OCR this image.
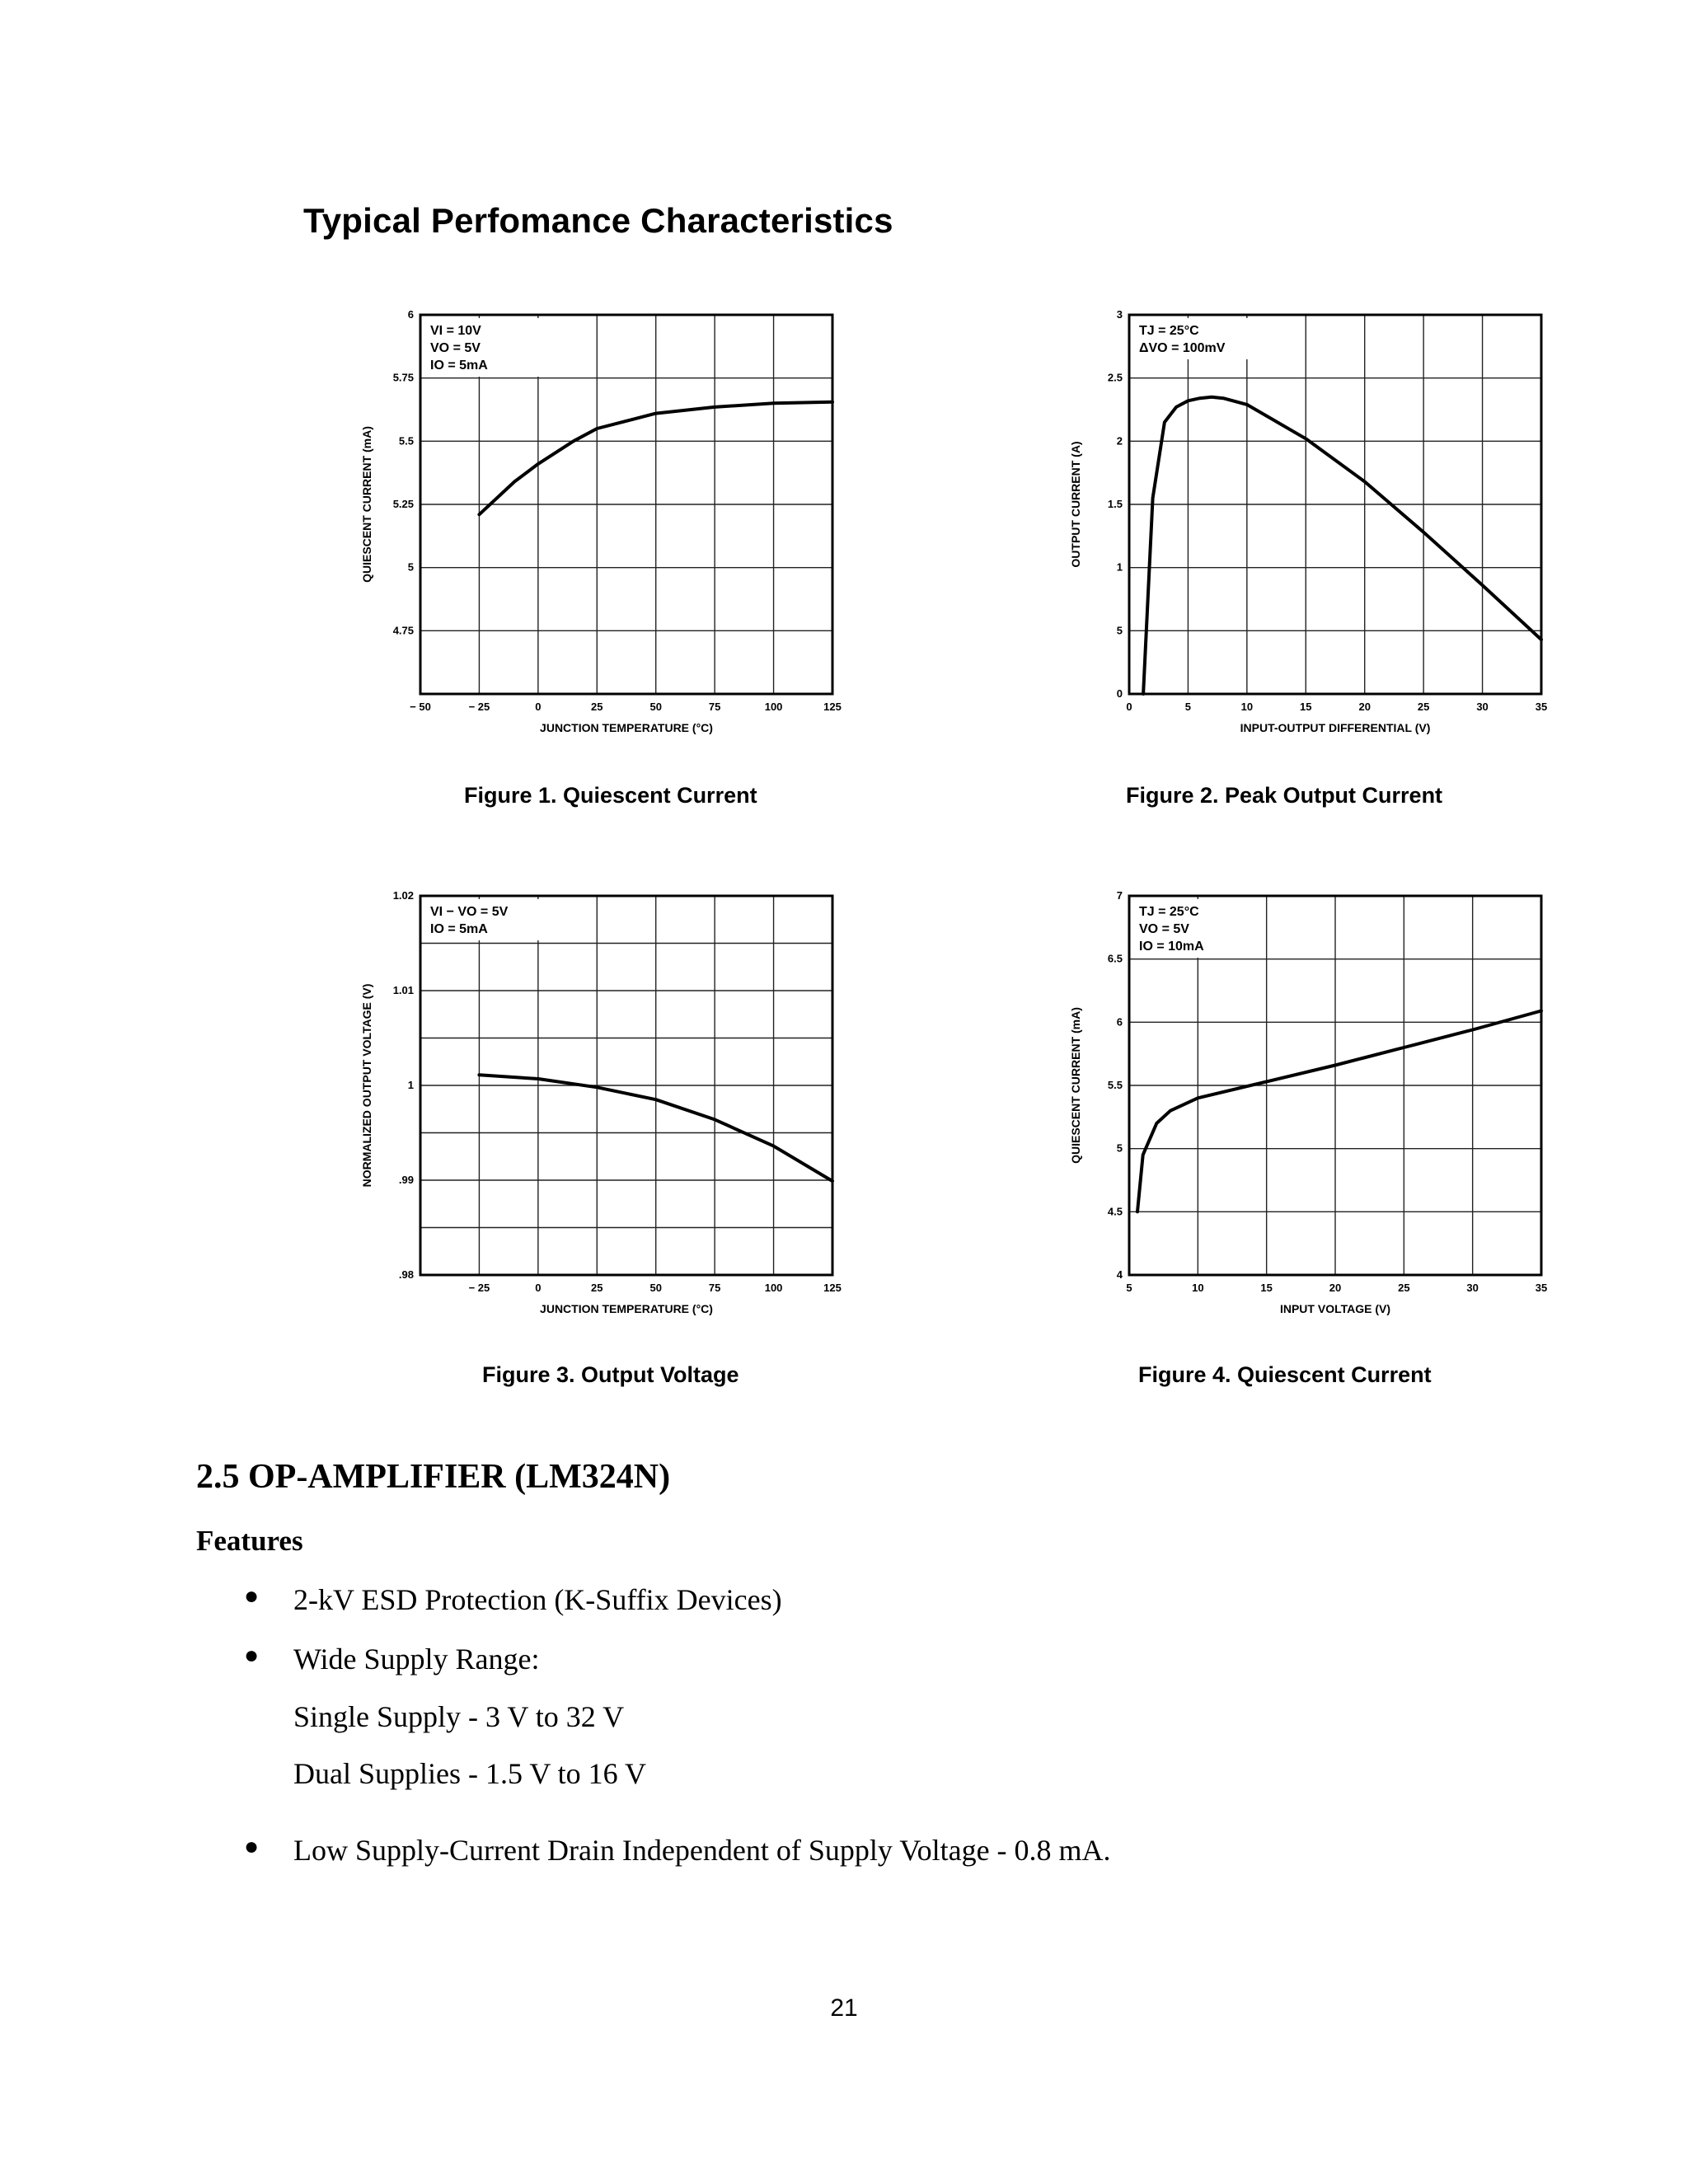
Typical Perfomance Characteristics
− 50	− 25	0	25	50	75	100	125
4.75
5
5.25
5.5
5.75
6
VI = 10V
VO = 5V
IO = 5mA
JUNCTION TEMPERATURE (°C)
QUIESCENT CURRENT (mA)
Figure 1. Quiescent Current
0	5	10	15	20	25	30	35
0
5
1
1.5
2
2.5
3
TJ = 25°C
ΔVO = 100mV
INPUT-OUTPUT DIFFERENTIAL (V)
OUTPUT CURRENT (A)
Figure 2. Peak Output Current
− 25	0	25	50	75	100	125
.98
.99
1
1.01
1.02
VI − VO = 5V
IO = 5mA
JUNCTION TEMPERATURE (°C)
NORMALIZED OUTPUT VOLTAGE (V)
Figure 3. Output Voltage
5	10	15	20	25	30	35
4
4.5
5
5.5
6
6.5
7
TJ = 25°C
VO = 5V
IO = 10mA
INPUT VOLTAGE (V)
QUIESCENT CURRENT (mA)
Figure 4. Quiescent Current
2.5 OP-AMPLIFIER (LM324N)
Features
● 2-kV ESD Protection (K-Suffix Devices)
● Wide Supply Range:
● Low Supply-Current Drain Independent of Supply Voltage - 0.8 mA.
Single Supply - 3 V to 32 V
Dual Supplies - 1.5 V to 16 V
21
